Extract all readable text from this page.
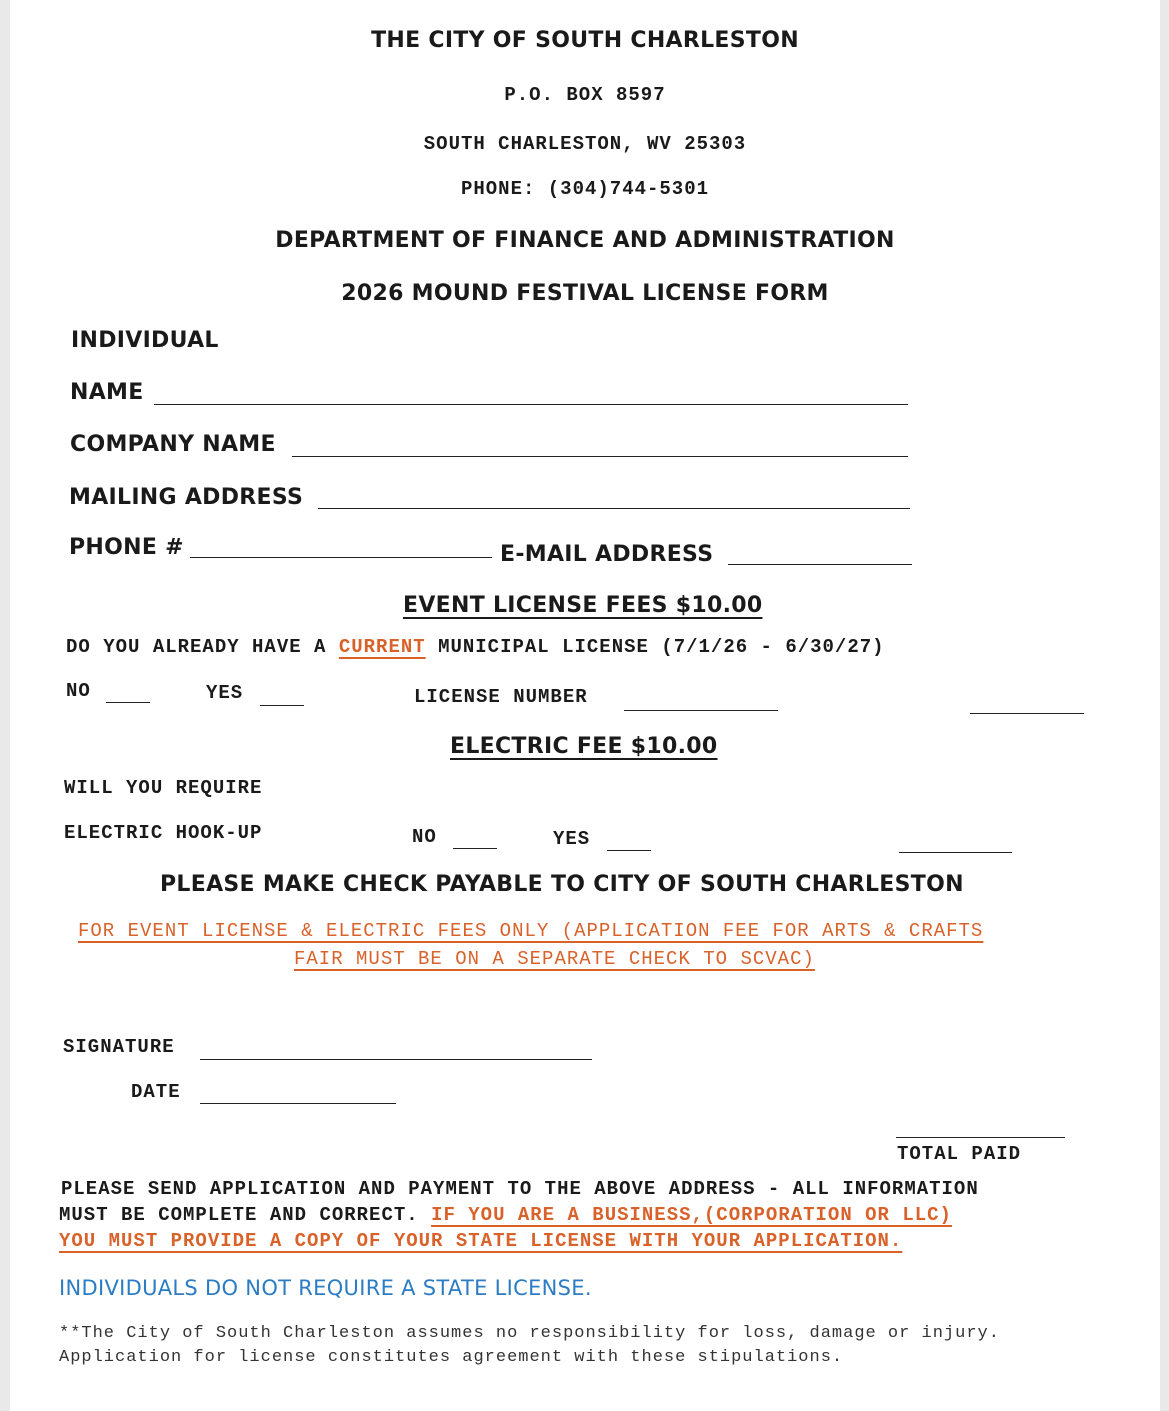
THE CITY OF SOUTH CHARLESTON
P.O. BOX 8597
SOUTH CHARLESTON, WV 25303
PHONE: (304)744-5301
DEPARTMENT OF FINANCE AND ADMINISTRATION
2026 MOUND FESTIVAL LICENSE FORM
INDIVIDUAL
NAME
COMPANY NAME
MAILING ADDRESS
PHONE #	E-MAIL ADDRESS
EVENT LICENSE FEES $10.00
DO YOU ALREADY HAVE A CURRENT MUNICIPAL LICENSE (7/1/26 - 6/30/27)
NO	YES	LICENSE NUMBER
ELECTRIC FEE $10.00
WILL YOU REQUIRE
ELECTRIC HOOK-UP	NO	YES
PLEASE MAKE CHECK PAYABLE TO CITY OF SOUTH CHARLESTON
FOR EVENT LICENSE & ELECTRIC FEES ONLY (APPLICATION FEE FOR ARTS & CRAFTS
FAIR MUST BE ON A SEPARATE CHECK TO SCVAC)
SIGNATURE
DATE
TOTAL PAID
PLEASE SEND APPLICATION AND PAYMENT TO THE ABOVE ADDRESS - ALL INFORMATION
MUST BE COMPLETE AND CORRECT. IF YOU ARE A BUSINESS,(CORPORATION OR LLC)
YOU MUST PROVIDE A COPY OF YOUR STATE LICENSE WITH YOUR APPLICATION.
INDIVIDUALS DO NOT REQUIRE A STATE LICENSE.
**The City of South Charleston assumes no responsibility for loss, damage or injury.
Application for license constitutes agreement with these stipulations.
